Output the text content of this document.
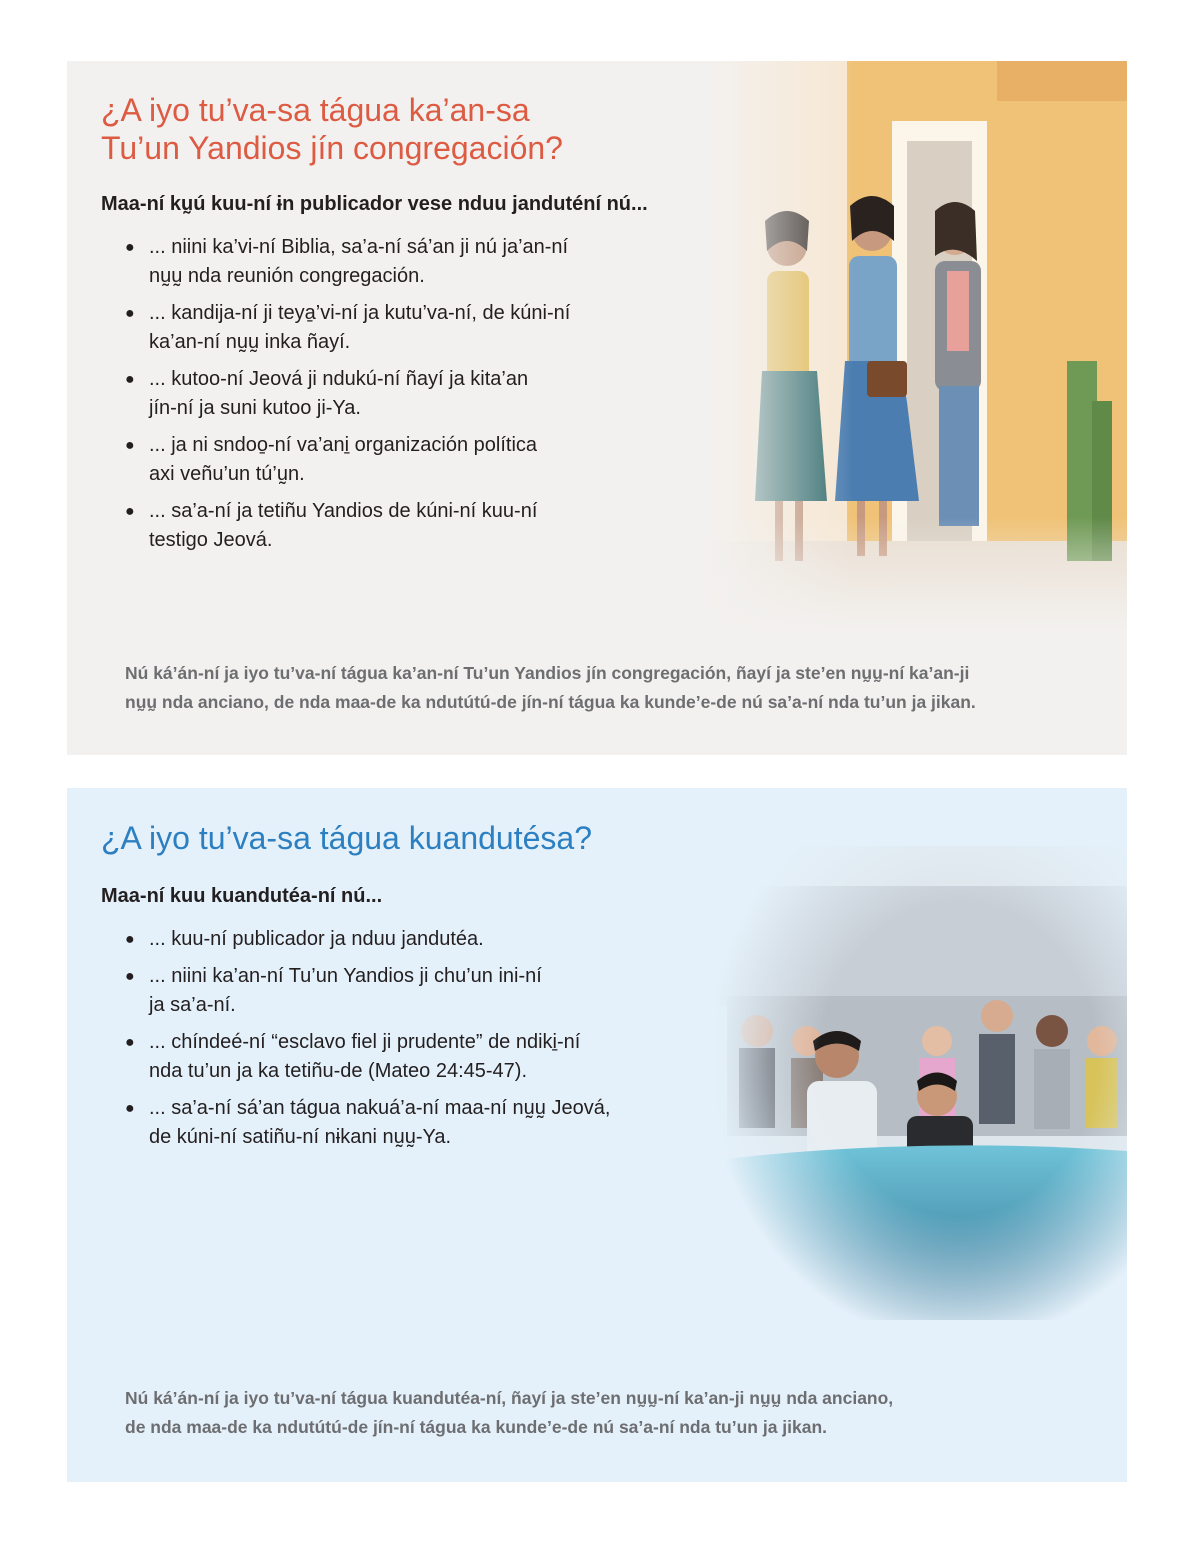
¿A iyo tu’va-sa tágua ka’an-sa
Tu’un Yandios jín congregación?

Maa-ní kṵú kuu-ní ɨn publicador vese nduu janduténí nú...

● ... niini ka’vi-ní Biblia, sa’a-ní sá’an ji nú ja’an-ní
nṵṵ nda reunión congregación.
● ... kandija-ní ji teya̱’vi-ní ja kutu’va-ní, de kúni-ní
ka’an-ní nṵṵ inka ñayí.
● ... kutoo-ní Jeová ji ndukú-ní ñayí ja kita’an
jín-ní ja suni kutoo ji-Ya.
● ... ja ni sndoo̱-ní va’ani̱ organización política
axi veñu’un tú’ṵn.
● ... sa’a-ní ja tetiñu Yandios de kúni-ní kuu-ní
testigo Jeová.

Nú ká’án-ní ja iyo tu’va-ní tágua ka’an-ní Tu’un Yandios jín congregación, ñayí ja ste’en nṵṵ-ní ka’an-ji
nṵṵ nda anciano, de nda maa-de ka ndutútú-de jín-ní tágua ka kunde’e-de nú sa’a-ní nda tu’un ja jikan.

¿A iyo tu’va-sa tágua kuandutésa?

Maa-ní kuu kuandutéa-ní nú...

● ... kuu-ní publicador ja nduu jandutéa.
● ... niini ka’an-ní Tu’un Yandios ji chu’un ini-ní
ja sa’a-ní.
● ... chíndeé-ní “esclavo fiel ji prudente” de ndiki̱-ní
nda tu’un ja ka tetiñu-de (Mateo 24:45-47).
● ... sa’a-ní sá’an tágua nakuá’a-ní maa-ní nṵṵ Jeová,
de kúni-ní satiñu-ní nɨkani nṵṵ-Ya.

Nú ká’án-ní ja iyo tu’va-ní tágua kuandutéa-ní, ñayí ja ste’en nṵṵ-ní ka’an-ji nṵṵ nda anciano,
de nda maa-de ka ndutútú-de jín-ní tágua ka kunde’e-de nú sa’a-ní nda tu’un ja jikan.
